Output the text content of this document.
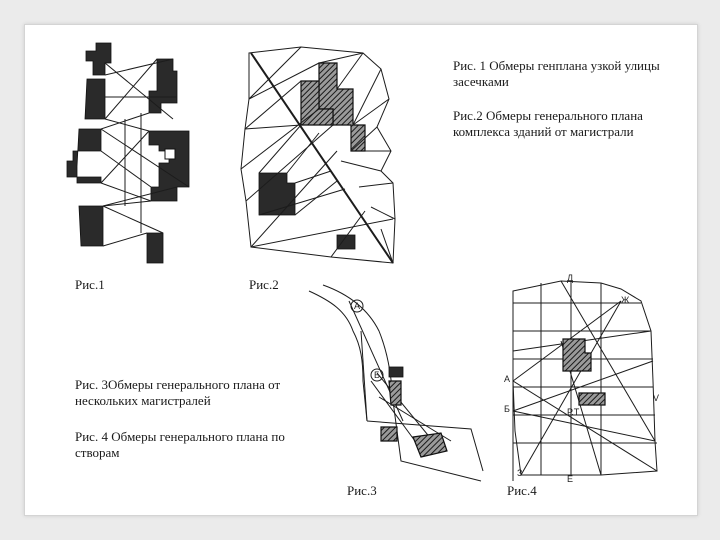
А
Б
Д
Ж
А
Б
З
Е
V
Р.Т
Рис. 1 Обмеры генплана узкой улицы засечками
Рис.2 Обмеры генерального плана комплекса зданий от магистрали
Рис. 3Обмеры генерального плана от нескольких магистралей
Рис. 4 Обмеры генерального плана по створам
Рис.1	Рис.2
Рис.3	Рис.4
